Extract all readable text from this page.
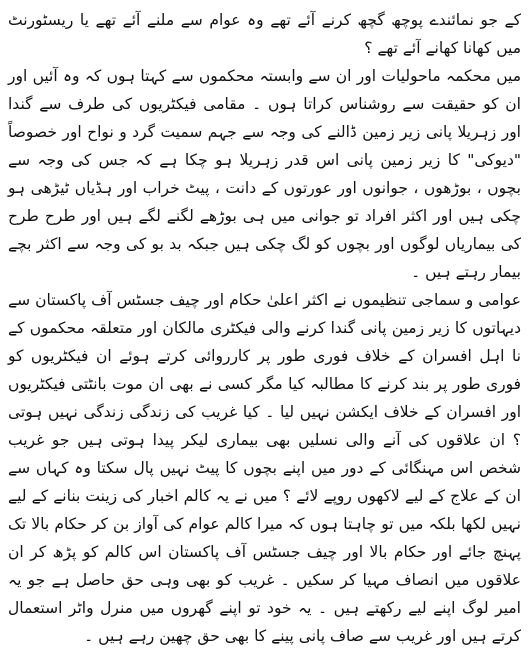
کے جو نمائندے پوچھ گچھ کرنے آئے تھے وہ عوام سے ملنے آئے تھے یا ریسٹورنٹ میں کھانا کھانے آئے تھے ؟

میں محکمہ ماحولیات اور ان سے وابستہ محکموں سے کہتا ہوں کہ وہ آئیں اور ان کو حقیقت سے روشناس کراتا ہوں ۔ مقامی فیکٹریوں کی طرف سے گندا اور زہریلا پانی زیر زمین ڈالنے کی وجہ سے جہم سمیت گرد و نواح اور خصوصاً "دیوکی" کا زیر زمین پانی اس قدر زہریلا ہو چکا ہے کہ جس کی وجہ سے بچوں ، بوڑھوں ، جوانوں اور عورتوں کے دانت ، پیٹ خراب اور ہڈیاں ٹیڑھی ہو چکی ہیں اور اکثر افراد تو جوانی میں ہی بوڑھے لگنے لگے ہیں اور طرح طرح کی بیماریاں لوگوں اور بچوں کو لگ چکی ہیں جبکہ بد بو کی وجہ سے اکثر بچے بیمار رہتے ہیں ۔

عوامی و سماجی تنظیموں نے اکثر اعلیٰ حکام اور چیف جسٹس آف پاکستان سے دیہاتوں کا زیر زمین پانی گندا کرنے والی فیکٹری مالکان اور متعلقہ محکموں کے نا اہل افسران کے خلاف فوری طور پر کارروائی کرتے ہوئے ان فیکٹریوں کو فوری طور پر بند کرنے کا مطالبہ کیا مگر کسی نے بھی ان موت بانٹتی فیکٹریوں اور افسران کے خلاف ایکشن نہیں لیا ۔ کیا غریب کی زندگی زندگی نہیں ہوتی ؟ ان علاقوں کی آنے والی نسلیں بھی بیماری لیکر پیدا ہوتی ہیں جو غریب شخص اس مہنگائی کے دور میں اپنے بچوں کا پیٹ نہیں پال سکتا وہ کہاں سے ان کے علاج کے لیے لاکھوں روپے لائے ؟ میں نے یہ کالم اخبار کی زینت بنانے کے لیے نہیں لکھا بلکہ میں تو چاہتا ہوں کہ میرا کالم عوام کی آواز بن کر حکام بالا تک پہنچ جائے اور حکام بالا اور چیف جسٹس آف پاکستان اس کالم کو پڑھ کر ان علاقوں میں انصاف مہیا کر سکیں ۔ غریب کو بھی وہی حق حاصل ہے جو یہ امیر لوگ اپنے لیے رکھتے ہیں ۔ یہ خود تو اپنے گھروں میں منرل واٹر استعمال کرتے ہیں اور غریب سے صاف پانی پینے کا بھی حق چھین رہے ہیں ۔
